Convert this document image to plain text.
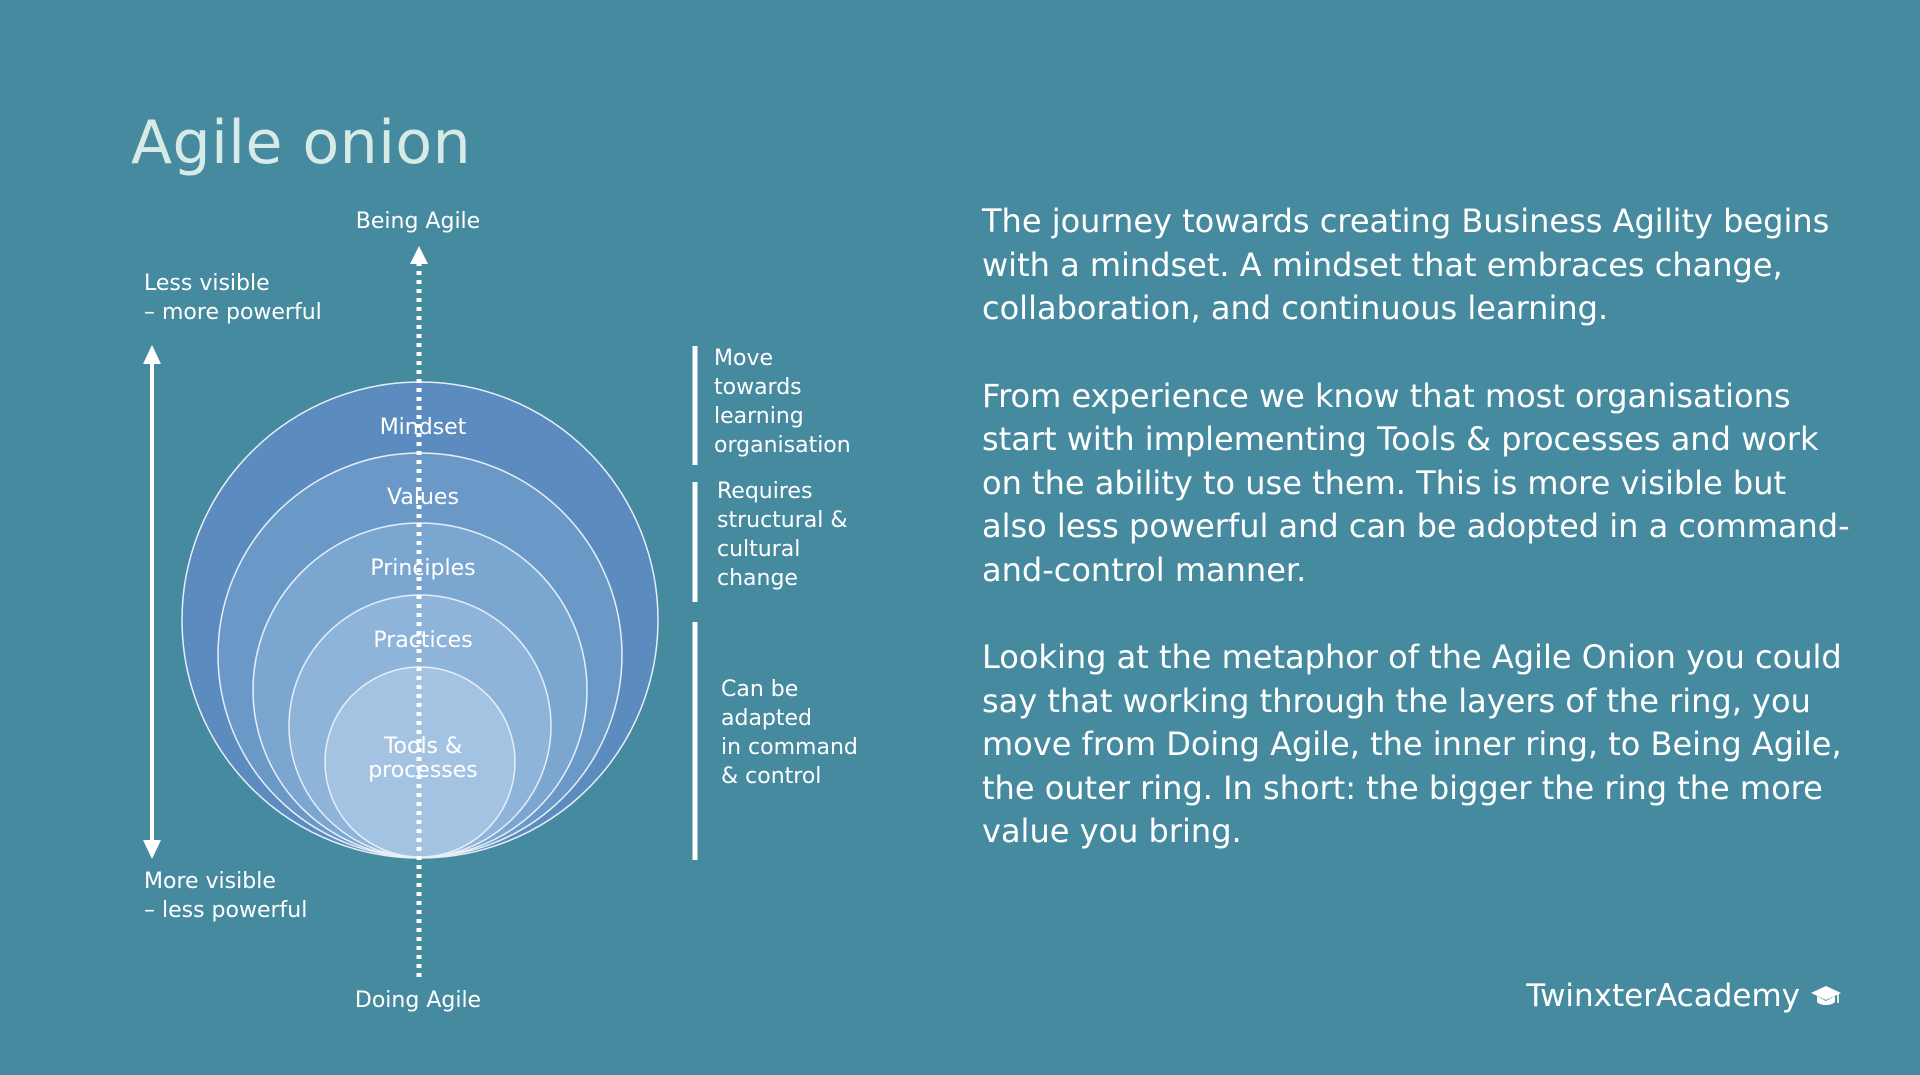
Agile onion
Being Agile
Doing Agile
Less visible
– more powerful
More visible
– less powerful
Mindset
Values
Principles
Practices
Tools &
processes
Move
towards
learning
organisation
Requires
structural &
cultural
change
Can be
adapted
in command
& control

The journey towards creating Business Agility begins with a mindset. A mindset that embraces change, collaboration, and continuous learning.

From experience we know that most organisations start with implementing Tools & processes and work on the ability to use them. This is more visible but also less powerful and can be adopted in a command-and-control manner.

Looking at the metaphor of the Agile Onion you could say that working through the layers of the ring, you move from Doing Agile, the inner ring, to Being Agile, the outer ring. In short: the bigger the ring the more value you bring.

TwinxterAcademy
